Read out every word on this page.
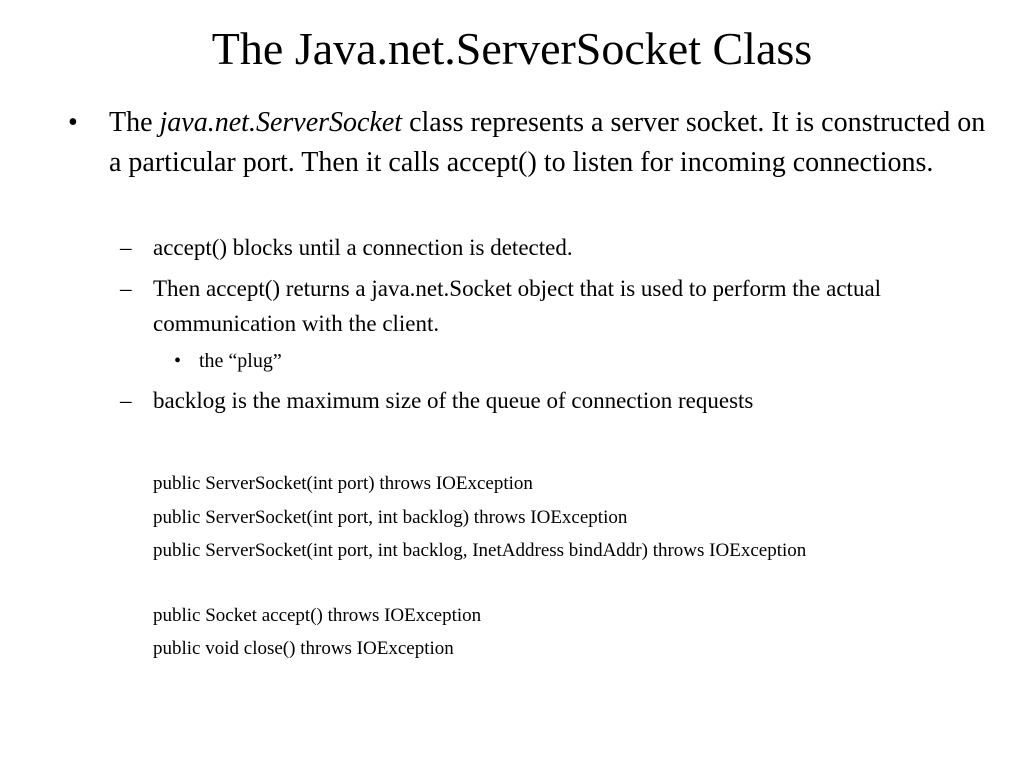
The Java.net.ServerSocket Class
• The java.net.ServerSocket class represents a server socket. It is constructed on a particular port. Then it calls accept() to listen for incoming connections.
– accept() blocks until a connection is detected.
– Then accept() returns a java.net.Socket object that is used to perform the actual communication with the client.
• the “plug”
– backlog is the maximum size of the queue of connection requests
public ServerSocket(int port) throws IOException
public ServerSocket(int port, int backlog) throws IOException
public ServerSocket(int port, int backlog, InetAddress bindAddr) throws IOException
public Socket accept() throws IOException
public void close() throws IOException
